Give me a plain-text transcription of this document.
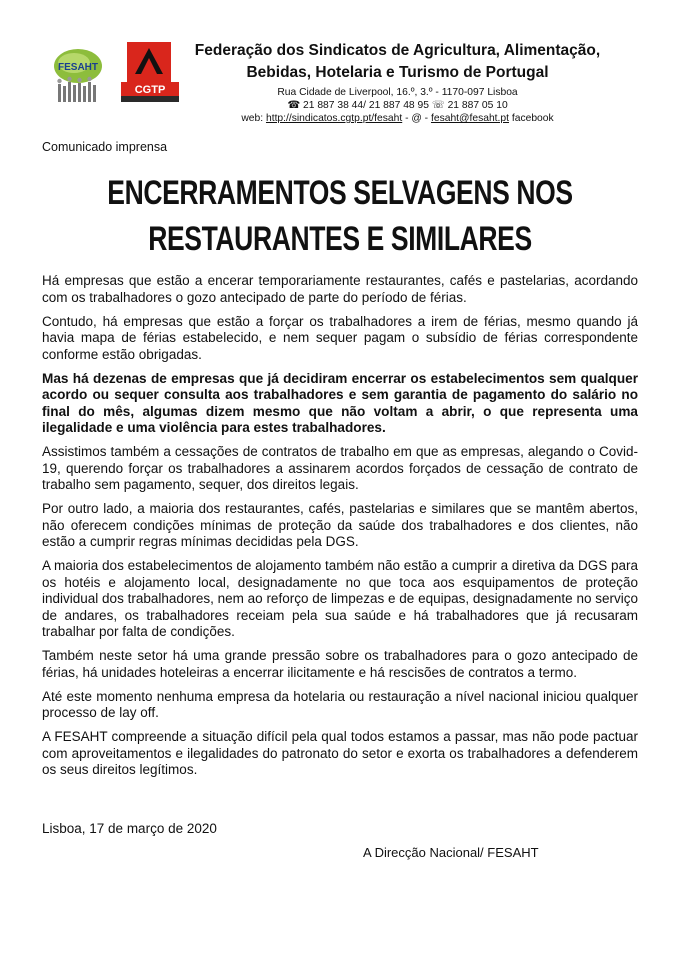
FESAHT
CGTP
Federação dos Sindicatos de Agricultura, Alimentação,
Bebidas, Hotelaria e Turismo de Portugal
Rua Cidade de Liverpool, 16.º, 3.º - 1170-097 Lisboa
☎ 21 887 38 44/ 21 887 48 95 ☏ 21 887 05 10
web: http://sindicatos.cgtp.pt/fesaht - @ - fesaht@fesaht.pt facebook
Comunicado imprensa
ENCERRAMENTOS SELVAGENS NOS
RESTAURANTES E SIMILARES

Há empresas que estão a encerar temporariamente restaurantes, cafés e pastelarias, acordando com os trabalhadores o gozo antecipado de parte do período de férias.

Contudo, há empresas que estão a forçar os trabalhadores a irem de férias, mesmo quando já havia mapa de férias estabelecido, e nem sequer pagam o subsídio de férias correspondente conforme estão obrigadas.

Mas há dezenas de empresas que já decidiram encerrar os estabelecimentos sem qualquer acordo ou sequer consulta aos trabalhadores e sem garantia de pagamento do salário no final do mês, algumas dizem mesmo que não voltam a abrir, o que representa uma ilegalidade e uma violência para estes trabalhadores.

Assistimos também a cessações de contratos de trabalho em que as empresas, alegando o Covid-19, querendo forçar os trabalhadores a assinarem acordos forçados de cessação de contrato de trabalho sem pagamento, sequer, dos direitos legais.

Por outro lado, a maioria dos restaurantes, cafés, pastelarias e similares que se mantêm abertos, não oferecem condições mínimas de proteção da saúde dos trabalhadores e dos clientes, não estão a cumprir regras mínimas decididas pela DGS.

A maioria dos estabelecimentos de alojamento também não estão a cumprir a diretiva da DGS para os hotéis e alojamento local, designadamente no que toca aos esquipamentos de proteção individual dos trabalhadores, nem ao reforço de limpezas e de equipas, designadamente no serviço de andares, os trabalhadores receiam pela sua saúde e há trabalhadores que já recusaram trabalhar por falta de condições.

Também neste setor há uma grande pressão sobre os trabalhadores para o gozo antecipado de férias, há unidades hoteleiras a encerrar ilicitamente e há rescisões de contratos a termo.

Até este momento nenhuma empresa da hotelaria ou restauração a nível nacional iniciou qualquer processo de lay off.

A FESAHT compreende a situação difícil pela qual todos estamos a passar, mas não pode pactuar com aproveitamentos e ilegalidades do patronato do setor e exorta os trabalhadores a defenderem os seus direitos legítimos.

Lisboa, 17 de março de 2020
A Direcção Nacional/ FESAHT
